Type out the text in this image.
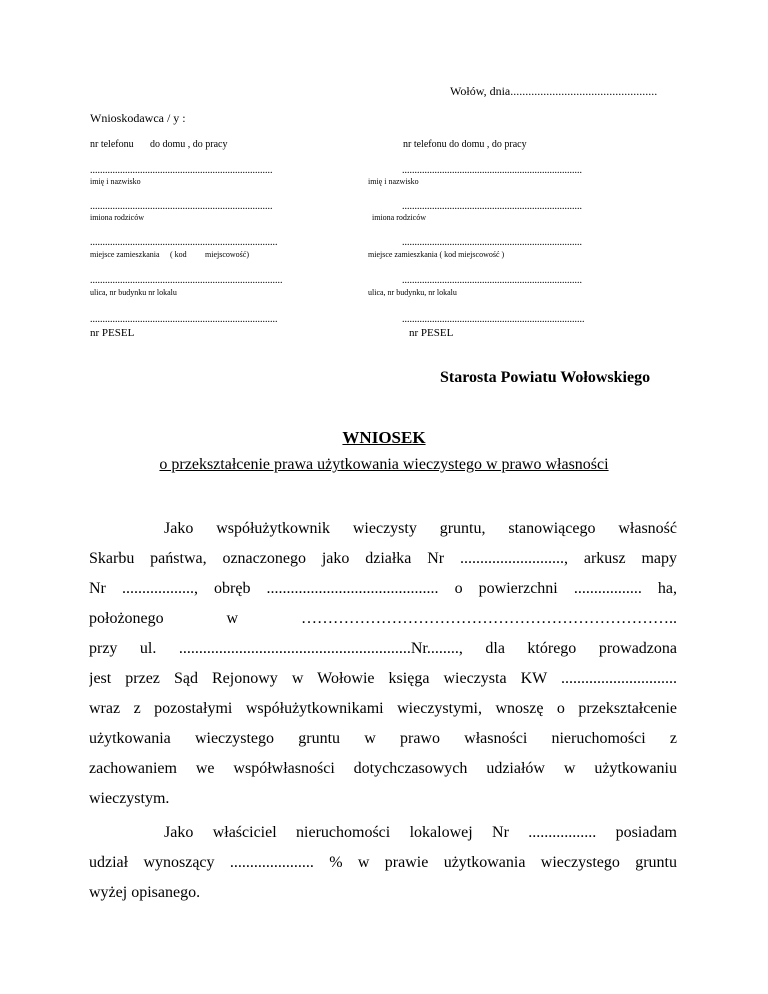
Wołów, dnia.................................................
Wnioskodawca / y :
nr telefonu do domu , do pracy
.........................................................................
imię i nazwisko
.........................................................................
imiona rodziców
...........................................................................
miejsce zamieszkania ( kod miejscowość)
.............................................................................
ulica, nr budynku nr lokalu
...........................................................................
nr PESEL
nr telefonu do domu , do pracy
........................................................................
imię i nazwisko
........................................................................
imiona rodziców
........................................................................
miejsce zamieszkania ( kod miejscowość )
........................................................................
ulica, nr budynku, nr lokalu
.........................................................................
nr PESEL
Starosta Powiatu Wołowskiego
WNIOSEK
o przekształcenie prawa użytkowania wieczystego w prawo własności
Jako współużytkownik wieczysty gruntu, stanowiącego własność
Skarbu państwa, oznaczonego jako działka Nr .........................., arkusz mapy
Nr .................., obręb ........................................... o powierzchni ................. ha,
położonego w ……………………………………………………………..
przy ul. ..........................................................Nr........, dla którego prowadzona
jest przez Sąd Rejonowy w Wołowie księga wieczysta KW .............................
wraz z pozostałymi współużytkownikami wieczystymi, wnoszę o przekształcenie
użytkowania wieczystego gruntu w prawo własności nieruchomości z
zachowaniem we współwłasności dotychczasowych udziałów w użytkowaniu
wieczystym.
Jako właściciel nieruchomości lokalowej Nr ................. posiadam
udział wynoszący ..................... % w prawie użytkowania wieczystego gruntu
wyżej opisanego.
